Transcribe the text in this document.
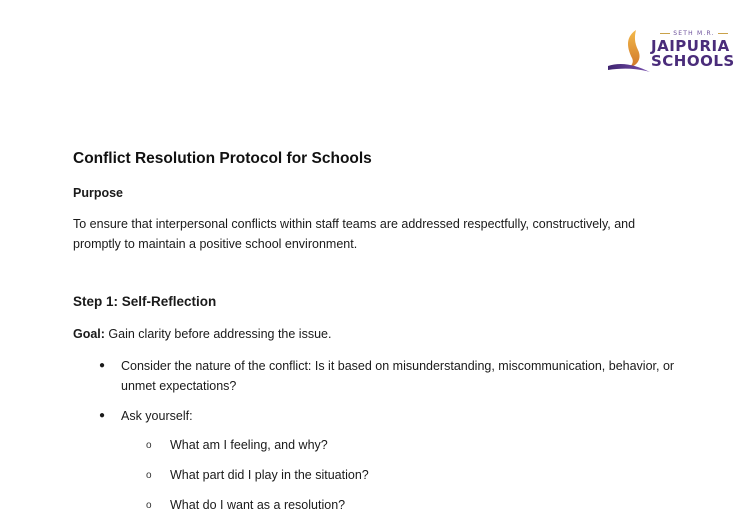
SETH M.R.
JAIPURIA
SCHOOLS
Conflict Resolution Protocol for Schools
Purpose
To ensure that interpersonal conflicts within staff teams are addressed respectfully, constructively, and promptly to maintain a positive school environment.
Step 1: Self-Reflection
Goal: Gain clarity before addressing the issue.
● Consider the nature of the conflict: Is it based on misunderstanding, miscommunication, behavior, or unmet expectations?
● Ask yourself:
o What am I feeling, and why?
o What part did I play in the situation?
o What do I want as a resolution?
